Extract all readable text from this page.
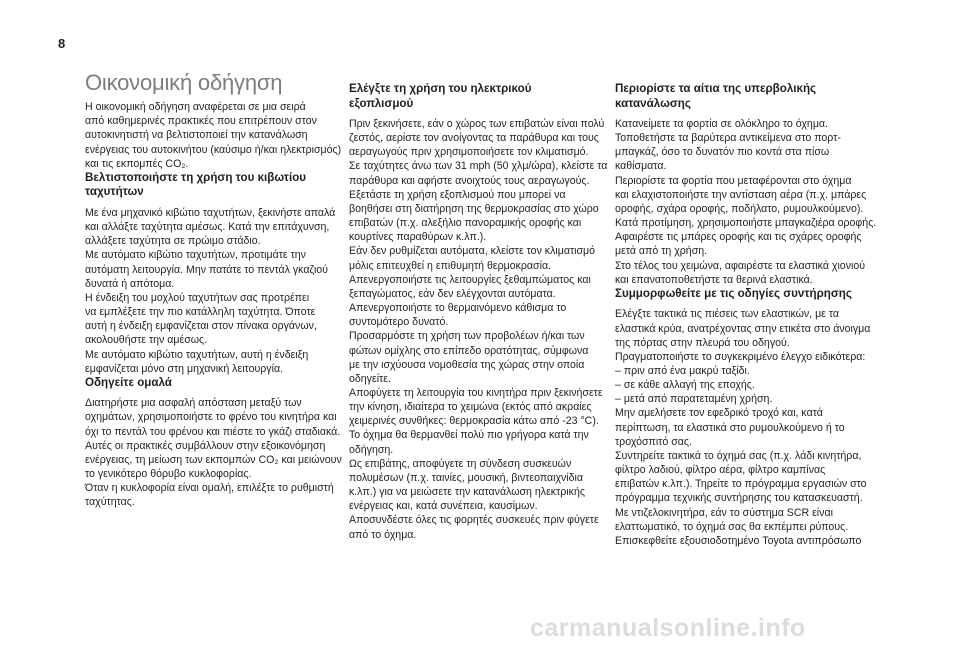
8
Οικονομική οδήγηση
Η οικονομική οδήγηση αναφέρεται σε μια σειρά
από καθημερινές πρακτικές που επιτρέπουν στον
αυτοκινητιστή να βελτιστοποιεί την κατανάλωση
ενέργειας του αυτοκινήτου (καύσιμο ή/και ηλεκτρισμός)
και τις εκπομπές CO₂.
Βελτιστοποιήστε τη χρήση του κιβωτίου ταχυτήτων
Με ένα μηχανικό κιβώτιο ταχυτήτων, ξεκινήστε απαλά
και αλλάξτε ταχύτητα αμέσως. Κατά την επιτάχυνση,
αλλάξετε ταχύτητα σε πρώιμο στάδιο.
Με αυτόματο κιβώτιο ταχυτήτων, προτιμάτε την
αυτόματη λειτουργία. Μην πατάτε το πεντάλ γκαζιού
δυνατά ή απότομα.
Η ένδειξη του μοχλού ταχυτήτων σας προτρέπει
να εμπλέξετε την πιο κατάλληλη ταχύτητα. Όποτε
αυτή η ένδειξη εμφανίζεται στον πίνακα οργάνων,
ακολουθήστε την αμέσως.
Με αυτόματο κιβώτιο ταχυτήτων, αυτή η ένδειξη
εμφανίζεται μόνο στη μηχανική λειτουργία.
Οδηγείτε ομαλά
Διατηρήστε μια ασφαλή απόσταση μεταξύ των
οχημάτων, χρησιμοποιήστε το φρένο του κινητήρα και
όχι το πεντάλ του φρένου και πιέστε το γκάζι σταδιακά.
Αυτές οι πρακτικές συμβάλλουν στην εξοικονόμηση
ενέργειας, τη μείωση των εκπομπών CO₂ και μειώνουν
το γενικότερο θόρυβο κυκλοφορίας.
Όταν η κυκλοφορία είναι ομαλή, επιλέξτε το ρυθμιστή
ταχύτητας.
Ελέγξτε τη χρήση του ηλεκτρικού εξοπλισμού
Πριν ξεκινήσετε, εάν ο χώρος των επιβατών είναι πολύ
ζεστός, αερίστε τον ανοίγοντας τα παράθυρα και τους
αεραγωγούς πριν χρησιμοποιήσετε τον κλιματισμό.
Σε ταχύτητες άνω των 31 mph (50 χλμ/ώρα), κλείστε τα
παράθυρα και αφήστε ανοιχτούς τους αεραγωγούς.
Εξετάστε τη χρήση εξοπλισμού που μπορεί να
βοηθήσει στη διατήρηση της θερμοκρασίας στο χώρο
επιβατών (π.χ. αλεξήλιο πανοραμικής οροφής και
κουρτίνες παραθύρων κ.λπ.).
Εάν δεν ρυθμίζεται αυτόματα, κλείστε τον κλιματισμό
μόλις επιτευχθεί η επιθυμητή θερμοκρασία.
Απενεργοποιήστε τις λειτουργίες ξεθαμπώματος και
ξεπαγώματος, εάν δεν ελέγχονται αυτόματα.
Απενεργοποιήστε το θερμαινόμενο κάθισμα το
συντομότερο δυνατό.
Προσαρμόστε τη χρήση των προβολέων ή/και των
φώτων ομίχλης στο επίπεδο ορατότητας, σύμφωνα
με την ισχύουσα νομοθεσία της χώρας στην οποία
οδηγείτε.
Αποφύγετε τη λειτουργία του κινητήρα πριν ξεκινήσετε
την κίνηση, ιδιαίτερα το χειμώνα (εκτός από ακραίες
χειμερινές συνθήκες: θερμοκρασία κάτω από -23 °C).
Το όχημα θα θερμανθεί πολύ πιο γρήγορα κατά την
οδήγηση.
Ως επιβάτης, αποφύγετε τη σύνδεση συσκευών
πολυμέσων (π.χ. ταινίες, μουσική, βιντεοπαιχνίδια
κ.λπ.) για να μειώσετε την κατανάλωση ηλεκτρικής
ενέργειας και, κατά συνέπεια, καυσίμων.
Αποσυνδέστε όλες τις φορητές συσκευές πριν φύγετε
από το όχημα.
Περιορίστε τα αίτια της υπερβολικής κατανάλωσης
Κατανείμετε τα φορτία σε ολόκληρο το όχημα.
Τοποθετήστε τα βαρύτερα αντικείμενα στο πορτ-
μπαγκάζ, όσο το δυνατόν πιο κοντά στα πίσω
καθίσματα.
Περιορίστε τα φορτία που μεταφέρονται στο όχημα
και ελαχιστοποιήστε την αντίσταση αέρα (π.χ. μπάρες
οροφής, σχάρα οροφής, ποδήλατο, ρυμουλκούμενο).
Κατά προτίμηση, χρησιμοποιήστε μπαγκαζιέρα οροφής.
Αφαιρέστε τις μπάρες οροφής και τις σχάρες οροφής
μετά από τη χρήση.
Στο τέλος του χειμώνα, αφαιρέστε τα ελαστικά χιονιού
και επανατοποθετήστε τα θερινά ελαστικά.
Συμμορφωθείτε με τις οδηγίες συντήρησης
Ελέγξτε τακτικά τις πιέσεις των ελαστικών, με τα
ελαστικά κρύα, ανατρέχοντας στην ετικέτα στο άνοιγμα
της πόρτας στην πλευρά του οδηγού.
Πραγματοποιήστε το συγκεκριμένο έλεγχο ειδικότερα:
– πριν από ένα μακρύ ταξίδι.
– σε κάθε αλλαγή της εποχής.
– μετά από παρατεταμένη χρήση.
Μην αμελήσετε τον εφεδρικό τροχό και, κατά
περίπτωση, τα ελαστικά στο ρυμουλκούμενο ή το
τροχόσπιτό σας.
Συντηρείτε τακτικά το όχημά σας (π.χ. λάδι κινητήρα,
φίλτρο λαδιού, φίλτρο αέρα, φίλτρο καμπίνας
επιβατών κ.λπ.). Τηρείτε το πρόγραμμα εργασιών στο
πρόγραμμα τεχνικής συντήρησης του κατασκευαστή.
Με ντιζελοκινητήρα, εάν το σύστημα SCR είναι
ελαττωματικό, το όχημά σας θα εκπέμπει ρύπους.
Επισκεφθείτε εξουσιοδοτημένο Toyota αντιπρόσωπο
carmanualsonline.info
